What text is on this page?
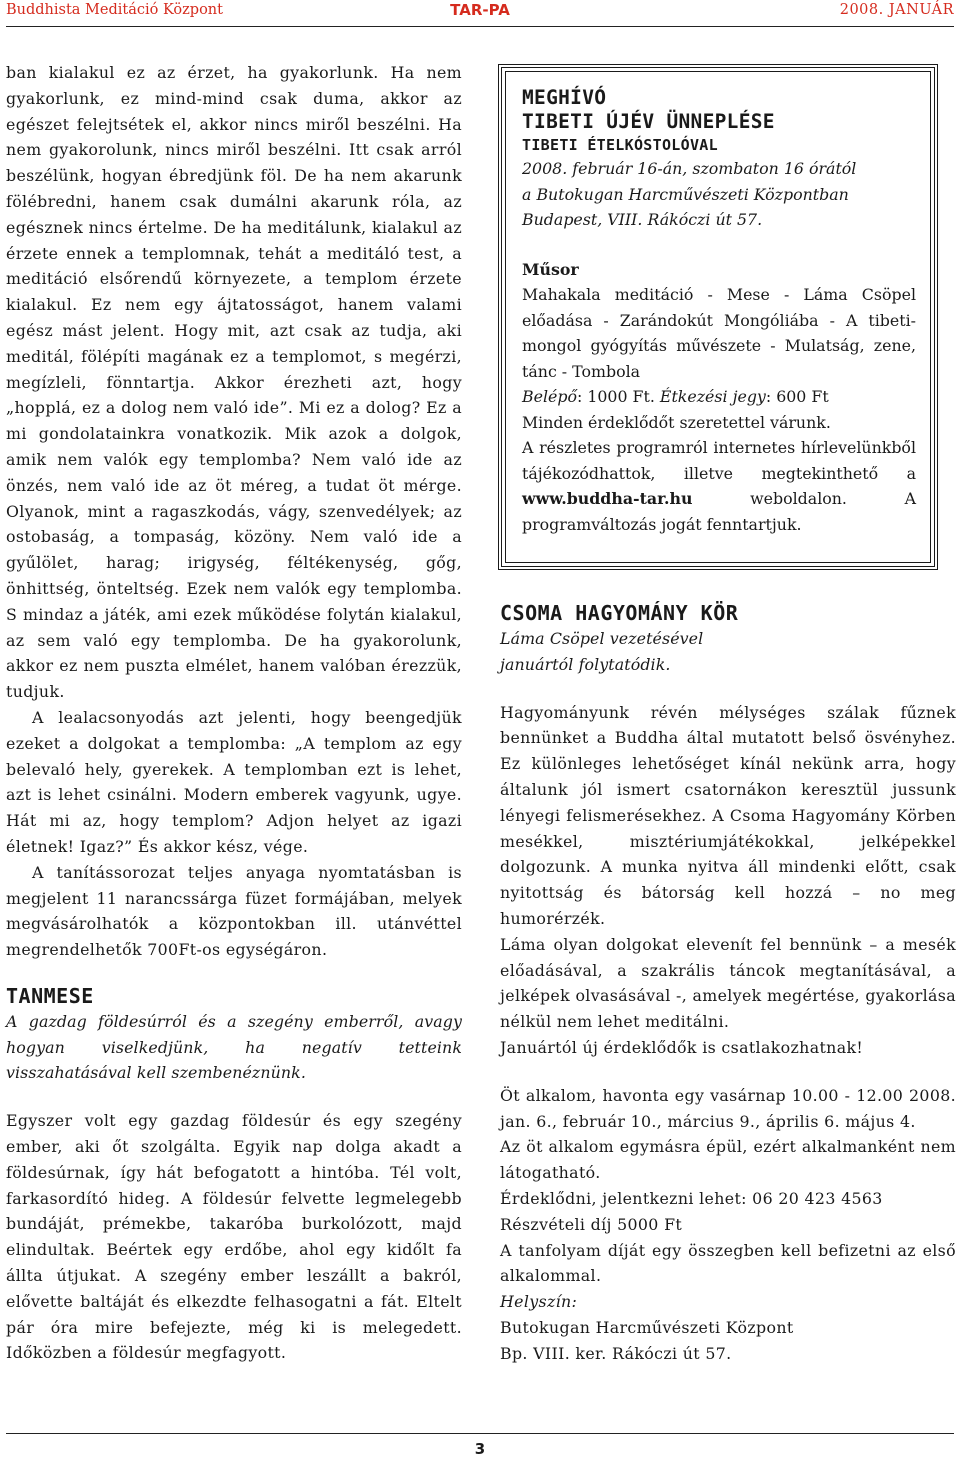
Buddhista Meditáció Központ	TAR-PA	2008. JANUÁR

ban kialakul ez az érzet, ha gyakorlunk. Ha nem gyakorlunk, ez mind-mind csak duma, akkor az egészet felejtsétek el, akkor nincs miről beszélni. Ha nem gyakorolunk, nincs miről beszélni. Itt csak arról beszélünk, hogyan ébredjünk föl. De ha nem akarunk fölébredni, hanem csak dumálni akarunk róla, az egésznek nincs értelme. De ha meditálunk, kialakul az érzete ennek a templomnak, tehát a meditáló test, a meditáció elsőrendű környezete, a templom érzete kialakul. Ez nem egy ájtatosságot, hanem valami egész mást jelent. Hogy mit, azt csak az tudja, aki meditál, fölépíti magának ez a templomot, s megérzi, megízleli, fönntartja. Akkor érezheti azt, hogy „hopplá, ez a dolog nem való ide”. Mi ez a dolog? Ez a mi gondolatainkra vonatkozik. Mik azok a dolgok, amik nem valók egy templomba? Nem való ide az önzés, nem való ide az öt méreg, a tudat öt mérge. Olyanok, mint a ragaszkodás, vágy, szenvedélyek; az ostobaság, a tompaság, közöny. Nem való ide a gyűlölet, harag; irigység, féltékenység, gőg, önhittség, önteltség. Ezek nem valók egy templomba. S mindaz a játék, ami ezek működése folytán kialakul, az sem való egy templomba. De ha gyakorolunk, akkor ez nem puszta elmélet, hanem valóban érezzük, tudjuk.

A lealacsonyodás azt jelenti, hogy beengedjük ezeket a dolgokat a templomba: „A templom az egy belevaló hely, gyerekek. A templomban ezt is lehet, azt is lehet csinálni. Modern emberek vagyunk, ugye. Hát mi az, hogy templom? Adjon helyet az igazi életnek! Igaz?” És akkor kész, vége.

A tanítássorozat teljes anyaga nyomtatásban is megjelent 11 narancssárga füzet formájában, melyek megvásárolhatók a központokban ill. utánvéttel megrendelhetők 700Ft-os egységáron.

TANMESE

A gazdag földesúrról és a szegény emberről, avagy hogyan viselkedjünk, ha negatív tetteink visszahatásával kell szembenéznünk.

Egyszer volt egy gazdag földesúr és egy szegény ember, aki őt szolgálta. Egyik nap dolga akadt a földesúrnak, így hát befogatott a hintóba. Tél volt, farkasordító hideg. A földesúr felvette legmelegebb bundáját, prémekbe, takaróba burkolózott, majd elindultak. Beértek egy erdőbe, ahol egy kidőlt fa állta útjukat. A szegény ember leszállt a bakról, elővette baltáját és elkezdte felhasogatni a fát. Eltelt pár óra mire befejezte, még ki is melegedett. Időközben a földesúr megfagyott.

MEGHÍVÓ
TIBETI ÚJÉV ÜNNEPLÉSE
TIBETI ÉTELKÓSTOLÓVAL
2008. február 16-án, szombaton 16 órától
a Butokugan Harcművészeti Központban
Budapest, VIII. Rákóczi út 57.
Műsor

Mahakala meditáció - Mese - Láma Csöpel előadása - Zarándokút Mongóliába - A tibeti-mongol gyógyítás művészete - Mulatság, zene, tánc - Tombola

Belépő: 1000 Ft. Étkezési jegy: 600 Ft

Minden érdeklődőt szeretettel várunk.

A részletes programról internetes hírlevelünkből tájékozódhattok, illetve megtekinthető a www.buddha-tar.hu weboldalon. A programváltozás jogát fenntartjuk.

CSOMA HAGYOMÁNY KÖR

Láma Csöpel vezetésével

januártól folytatódik.

Hagyományunk révén mélységes szálak fűznek bennünket a Buddha által mutatott belső ösvényhez. Ez különleges lehetőséget kínál nekünk arra, hogy általunk jól ismert csatornákon keresztül jussunk lényegi felismerésekhez. A Csoma Hagyomány Körben mesékkel, misztériumjátékokkal, jelképekkel dolgozunk. A munka nyitva áll mindenki előtt, csak nyitottság és bátorság kell hozzá – no meg humorérzék.

Láma olyan dolgokat elevenít fel bennünk – a mesék előadásával, a szakrális táncok megtanításával, a jelképek olvasásával -, amelyek megértése, gyakorlása nélkül nem lehet meditálni.

Januártól új érdeklődők is csatlakozhatnak!

Öt alkalom, havonta egy vasárnap 10.00 - 12.00 2008. jan. 6., február 10., március 9., április 6. május 4.

Az öt alkalom egymásra épül, ezért alkalmanként nem látogatható.

Érdeklődni, jelentkezni lehet: 06 20 423 4563

Részvételi díj 5000 Ft

A tanfolyam díját egy összegben kell befizetni az első alkalommal.

Helyszín:

Butokugan Harcművészeti Központ

Bp. VIII. ker. Rákóczi út 57.

3
